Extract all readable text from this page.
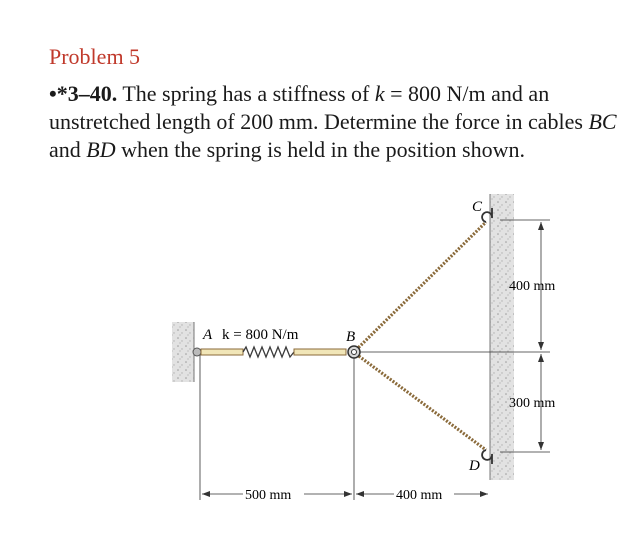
Problem 5
•*3–40. The spring has a stiffness of k = 800 N/m and an unstretched length of 200 mm. Determine the force in cables BC and BD when the spring is held in the position shown.
A k = 800 N/m	B
C
D
400 mm
300 mm
500 mm	400 mm
